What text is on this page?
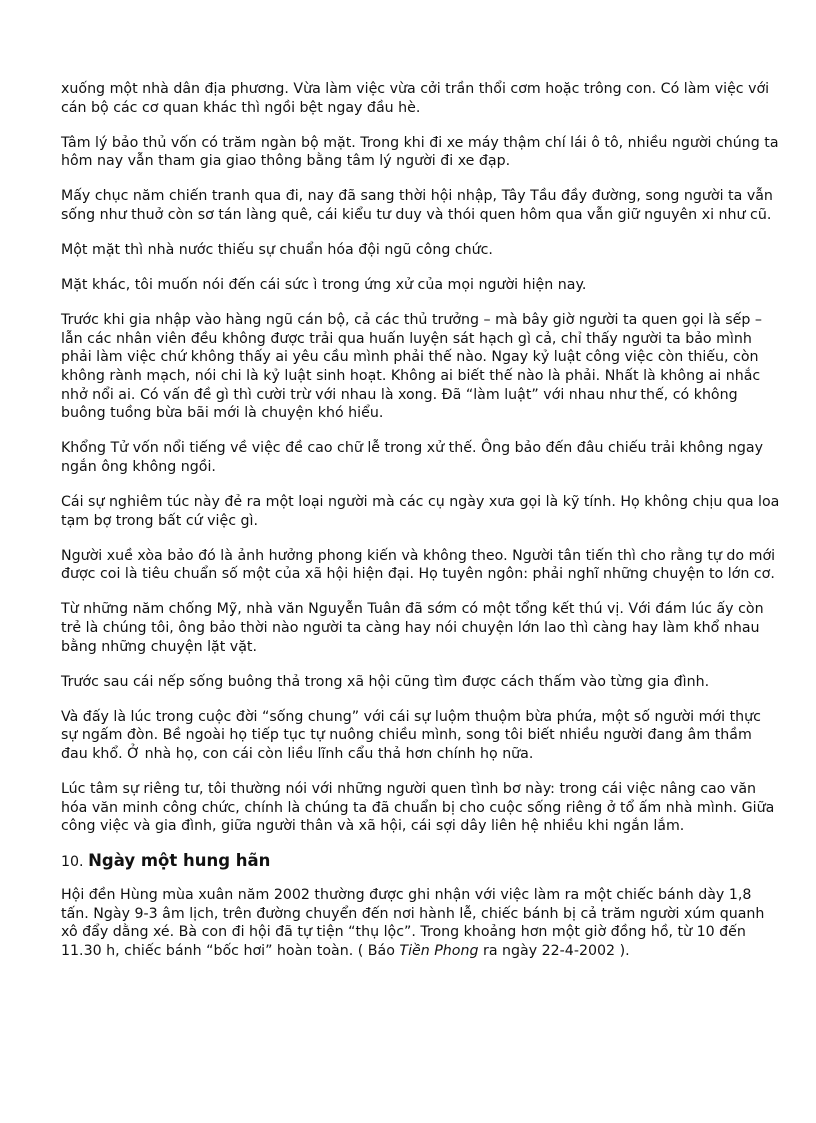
xuống một nhà dân địa phương. Vừa làm việc vừa cởi trần thổi cơm hoặc trông con. Có làm việc với cán bộ các cơ quan khác thì ngồi bệt ngay đầu hè.

Tâm lý bảo thủ vốn có trăm ngàn bộ mặt. Trong khi đi xe máy thậm chí lái ô tô, nhiều người chúng ta hôm nay vẫn tham gia giao thông bằng tâm lý người đi xe đạp.

Mấy chục năm chiến tranh qua đi, nay đã sang thời hội nhập, Tây Tầu đầy đường, song người ta vẫn sống như thuở còn sơ tán làng quê, cái kiểu tư duy và thói quen hôm qua vẫn giữ nguyên xi như cũ.

Một mặt thì nhà nước thiếu sự chuẩn hóa đội ngũ công chức.

Mặt khác, tôi muốn nói đến cái sức ì trong ứng xử của mọi người hiện nay.

Trước khi gia nhập vào hàng ngũ cán bộ, cả các thủ trưởng – mà bây giờ người ta quen gọi là sếp – lẫn các nhân viên đều không được trải qua huấn luyện sát hạch gì cả, chỉ thấy người ta bảo mình phải làm việc chứ không thấy ai yêu cầu mình phải thế nào. Ngay kỷ luật công việc còn thiếu, còn không rành mạch, nói chi là kỷ luật sinh hoạt. Không ai biết thế nào là phải. Nhất là không ai nhắc nhở nổi ai. Có vấn đề gì thì cười trừ với nhau là xong. Đã “làm luật” với nhau như thế, có không buông tuồng bừa bãi mới là chuyện khó hiểu.

Khổng Tử vốn nổi tiếng về việc đề cao chữ lễ trong xử thế. Ông bảo đến đâu chiếu trải không ngay ngắn ông không ngồi.

Cái sự nghiêm túc này đẻ ra một loại người mà các cụ ngày xưa gọi là kỹ tính. Họ không chịu qua loa tạm bợ trong bất cứ việc gì.

Người xuề xòa bảo đó là ảnh hưởng phong kiến và không theo. Người tân tiến thì cho rằng tự do mới được coi là tiêu chuẩn số một của xã hội hiện đại. Họ tuyên ngôn: phải nghĩ những chuyện to lớn cơ.

Từ những năm chống Mỹ, nhà văn Nguyễn Tuân đã sớm có một tổng kết thú vị. Với đám lúc ấy còn trẻ là chúng tôi, ông bảo thời nào người ta càng hay nói chuyện lớn lao thì càng hay làm khổ nhau bằng những chuyện lặt vặt.

Trước sau cái nếp sống buông thả trong xã hội cũng tìm được cách thấm vào từng gia đình.

Và đấy là lúc trong cuộc đời “sống chung” với cái sự luộm thuộm bừa phứa, một số người mới thực sự ngấm đòn. Bề ngoài họ tiếp tục tự nuông chiều mình, song tôi biết nhiều người đang âm thầm đau khổ. Ở nhà họ, con cái còn liều lĩnh cẩu thả hơn chính họ nữa.

Lúc tâm sự riêng tư, tôi thường nói với những người quen tình bơ này: trong cái việc nâng cao văn hóa văn minh công chức, chính là chúng ta đã chuẩn bị cho cuộc sống riêng ở tổ ấm nhà mình. Giữa công việc và gia đình, giữa người thân và xã hội, cái sợi dây liên hệ nhiều khi ngắn lắm.

10. Ngày một hung hãn

Hội đền Hùng mùa xuân năm 2002 thường được ghi nhận với việc làm ra một chiếc bánh dày 1,8 tấn. Ngày 9-3 âm lịch, trên đường chuyển đến nơi hành lễ, chiếc bánh bị cả trăm người xúm quanh xô đẩy dằng xé. Bà con đi hội đã tự tiện “thụ lộc”. Trong khoảng hơn một giờ đồng hồ, từ 10 đến 11.30 h, chiếc bánh “bốc hơi” hoàn toàn. ( Báo Tiền Phong ra ngày 22-4-2002 ).
